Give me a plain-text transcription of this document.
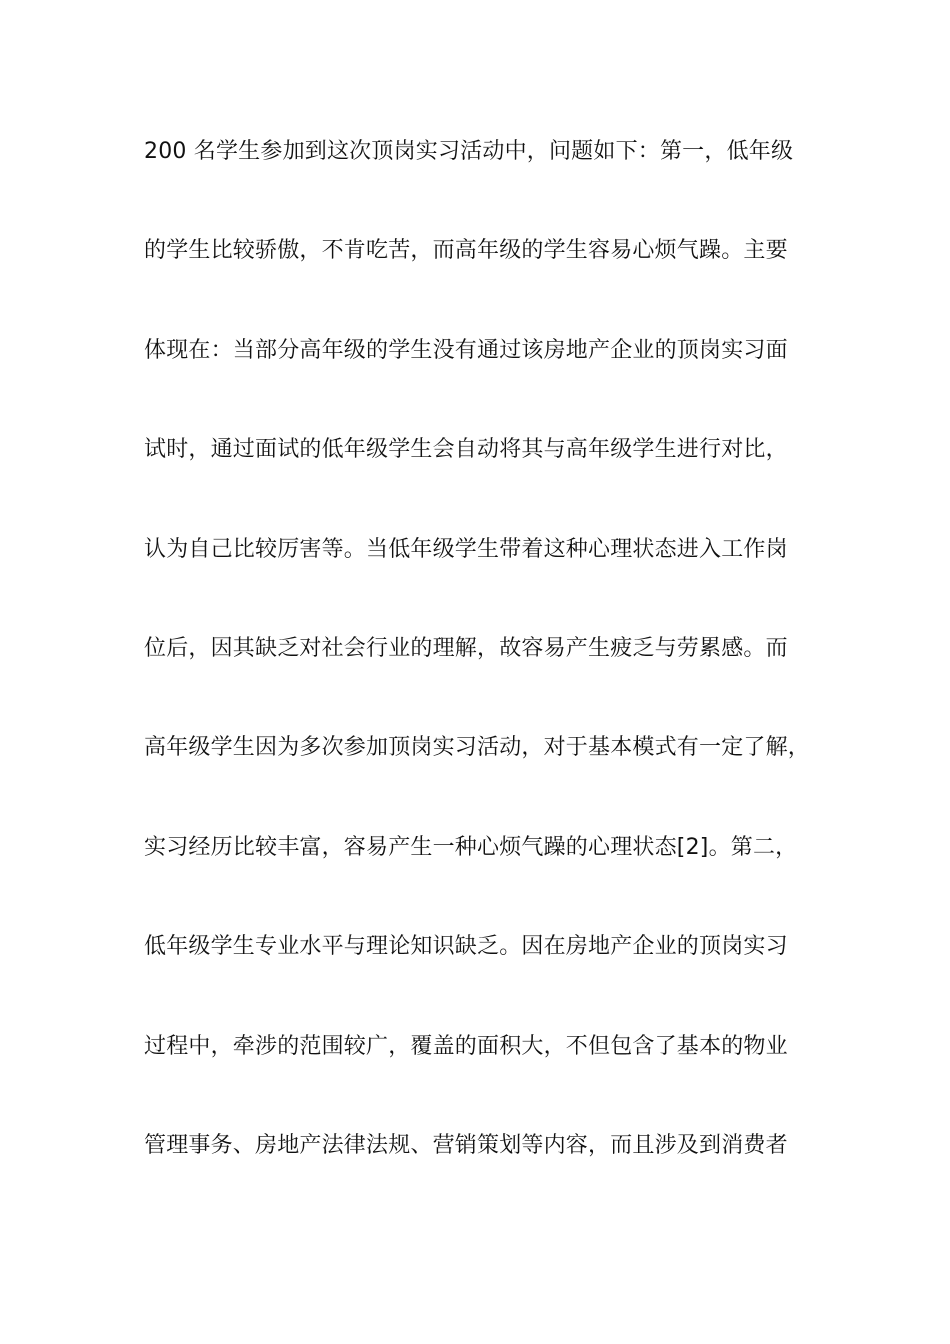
200 名学生参加到这次顶岗实习活动中，问题如下：第一，低年级
的学生比较骄傲，不肯吃苦，而高年级的学生容易心烦气躁。主要
体现在：当部分高年级的学生没有通过该房地产企业的顶岗实习面
试时，通过面试的低年级学生会自动将其与高年级学生进行对比，
认为自己比较厉害等。当低年级学生带着这种心理状态进入工作岗
位后，因其缺乏对社会行业的理解，故容易产生疲乏与劳累感。而
高年级学生因为多次参加顶岗实习活动，对于基本模式有一定了解，
实习经历比较丰富，容易产生一种心烦气躁的心理状态[2]。第二，
低年级学生专业水平与理论知识缺乏。因在房地产企业的顶岗实习
过程中，牵涉的范围较广，覆盖的面积大，不但包含了基本的物业
管理事务、房地产法律法规、营销策划等内容，而且涉及到消费者
